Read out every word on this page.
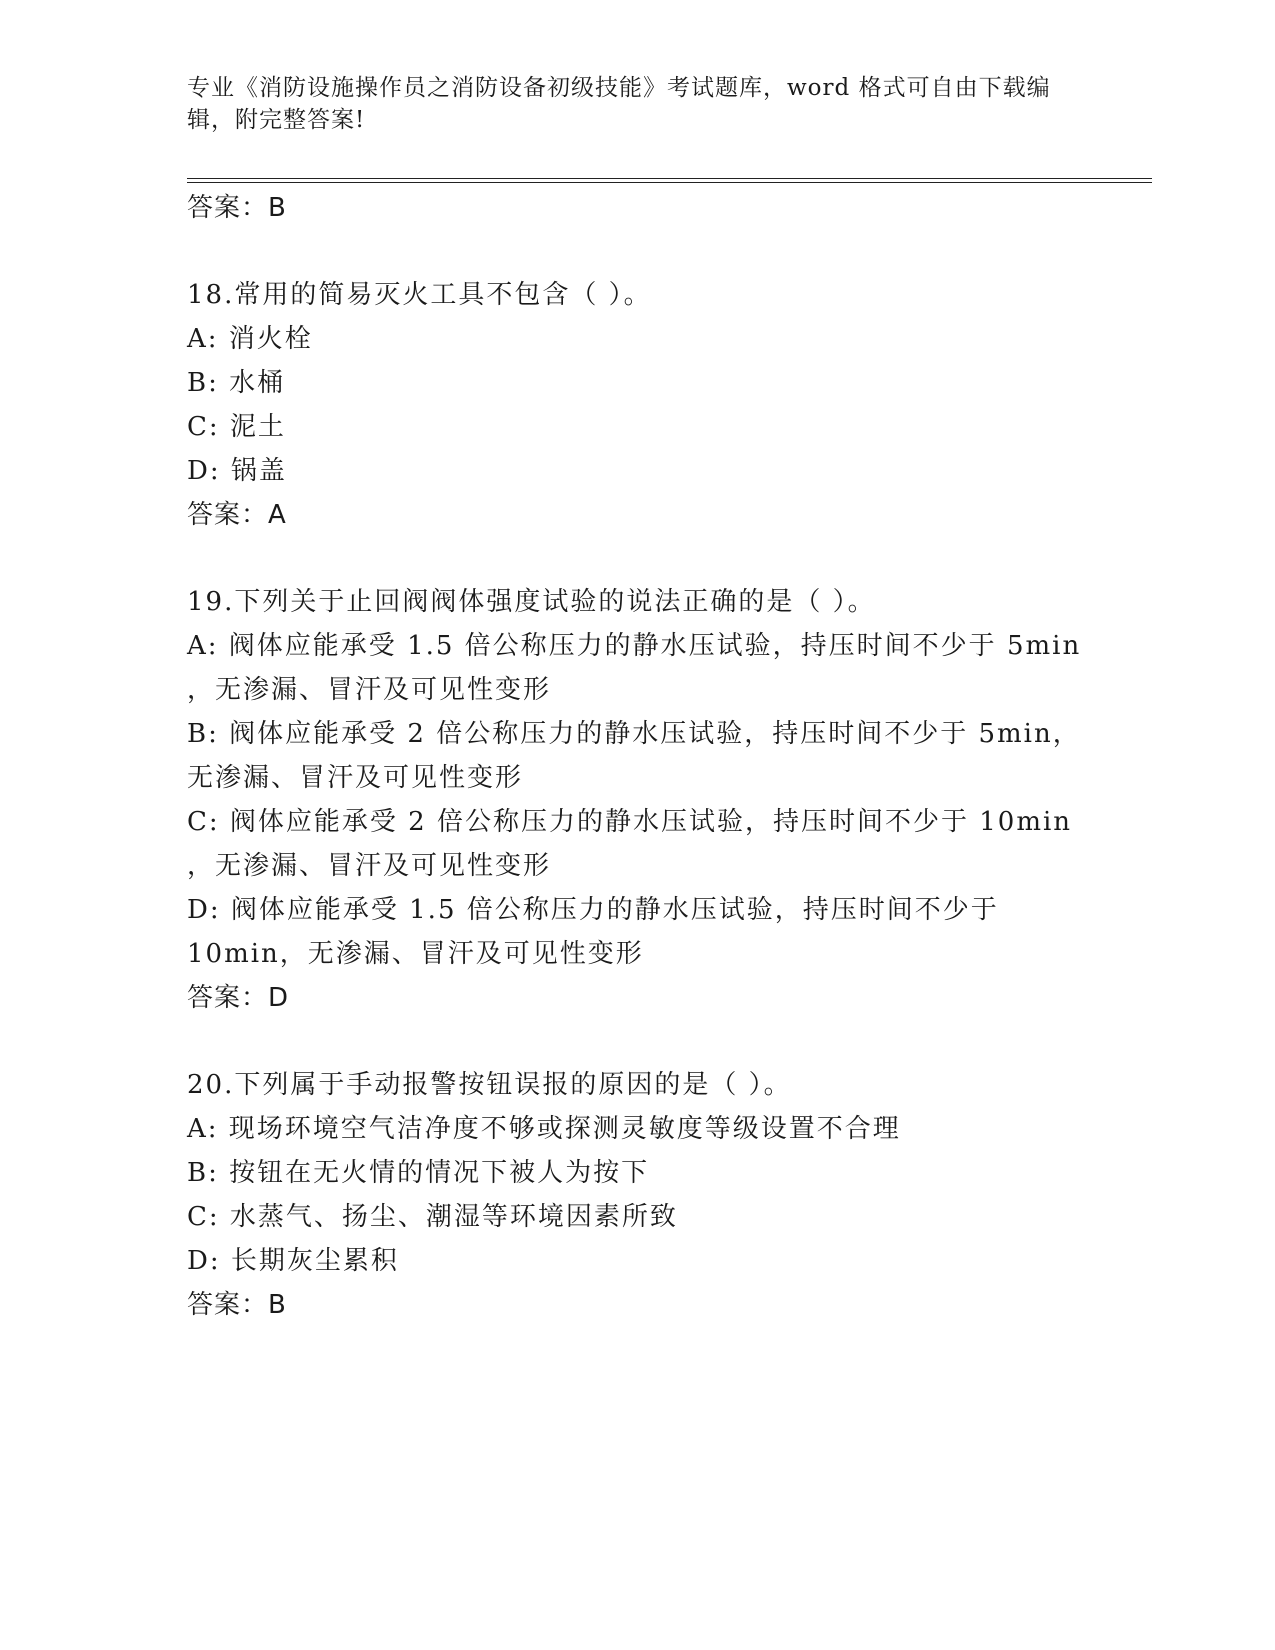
专业《消防设施操作员之消防设备初级技能》考试题库，word 格式可自由下载编
辑，附完整答案!
答案：B
18.常用的简易灭火工具不包含（ ）。
A: 消火栓
B: 水桶
C: 泥土
D: 锅盖
答案：A
19.下列关于止回阀阀体强度试验的说法正确的是（ ）。
A: 阀体应能承受 1.5 倍公称压力的静水压试验，持压时间不少于 5min
，无渗漏、冒汗及可见性变形
B: 阀体应能承受 2 倍公称压力的静水压试验，持压时间不少于 5min，
无渗漏、冒汗及可见性变形
C: 阀体应能承受 2 倍公称压力的静水压试验，持压时间不少于 10min
，无渗漏、冒汗及可见性变形
D: 阀体应能承受 1.5 倍公称压力的静水压试验，持压时间不少于
10min，无渗漏、冒汗及可见性变形
答案：D
20.下列属于手动报警按钮误报的原因的是（ ）。
A: 现场环境空气洁净度不够或探测灵敏度等级设置不合理
B: 按钮在无火情的情况下被人为按下
C: 水蒸气、扬尘、潮湿等环境因素所致
D: 长期灰尘累积
答案：B
